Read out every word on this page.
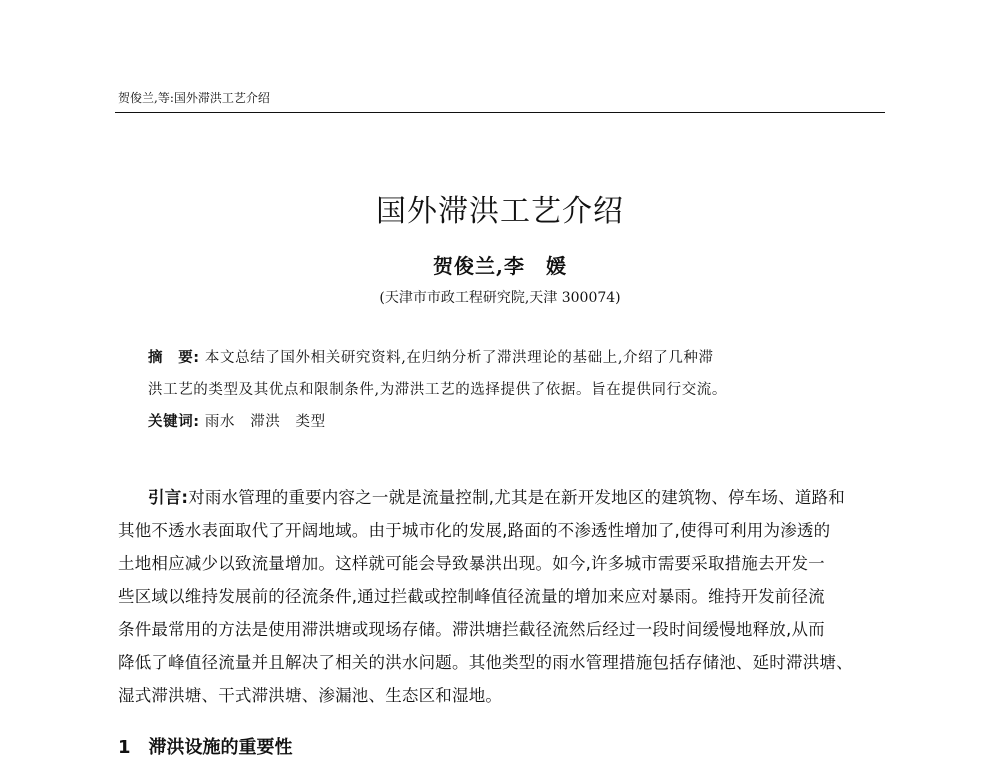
贺俊兰,等:国外滞洪工艺介绍
国外滞洪工艺介绍
贺俊兰,李　媛
(天津市市政工程研究院,天津 300074)
摘　要: 本文总结了国外相关研究资料,在归纳分析了滞洪理论的基础上,介绍了几种滞
洪工艺的类型及其优点和限制条件,为滞洪工艺的选择提供了依据。旨在提供同行交流。
关键词: 雨水　滞洪　类型
引言:对雨水管理的重要内容之一就是流量控制,尤其是在新开发地区的建筑物、停车场、道路和
其他不透水表面取代了开阔地域。由于城市化的发展,路面的不渗透性增加了,使得可利用为渗透的
土地相应减少以致流量增加。这样就可能会导致暴洪出现。如今,许多城市需要采取措施去开发一
些区域以维持发展前的径流条件,通过拦截或控制峰值径流量的增加来应对暴雨。维持开发前径流
条件最常用的方法是使用滞洪塘或现场存储。滞洪塘拦截径流然后经过一段时间缓慢地释放,从而
降低了峰值径流量并且解决了相关的洪水问题。其他类型的雨水管理措施包括存储池、延时滞洪塘、
湿式滞洪塘、干式滞洪塘、渗漏池、生态区和湿地。
1　滞洪设施的重要性
